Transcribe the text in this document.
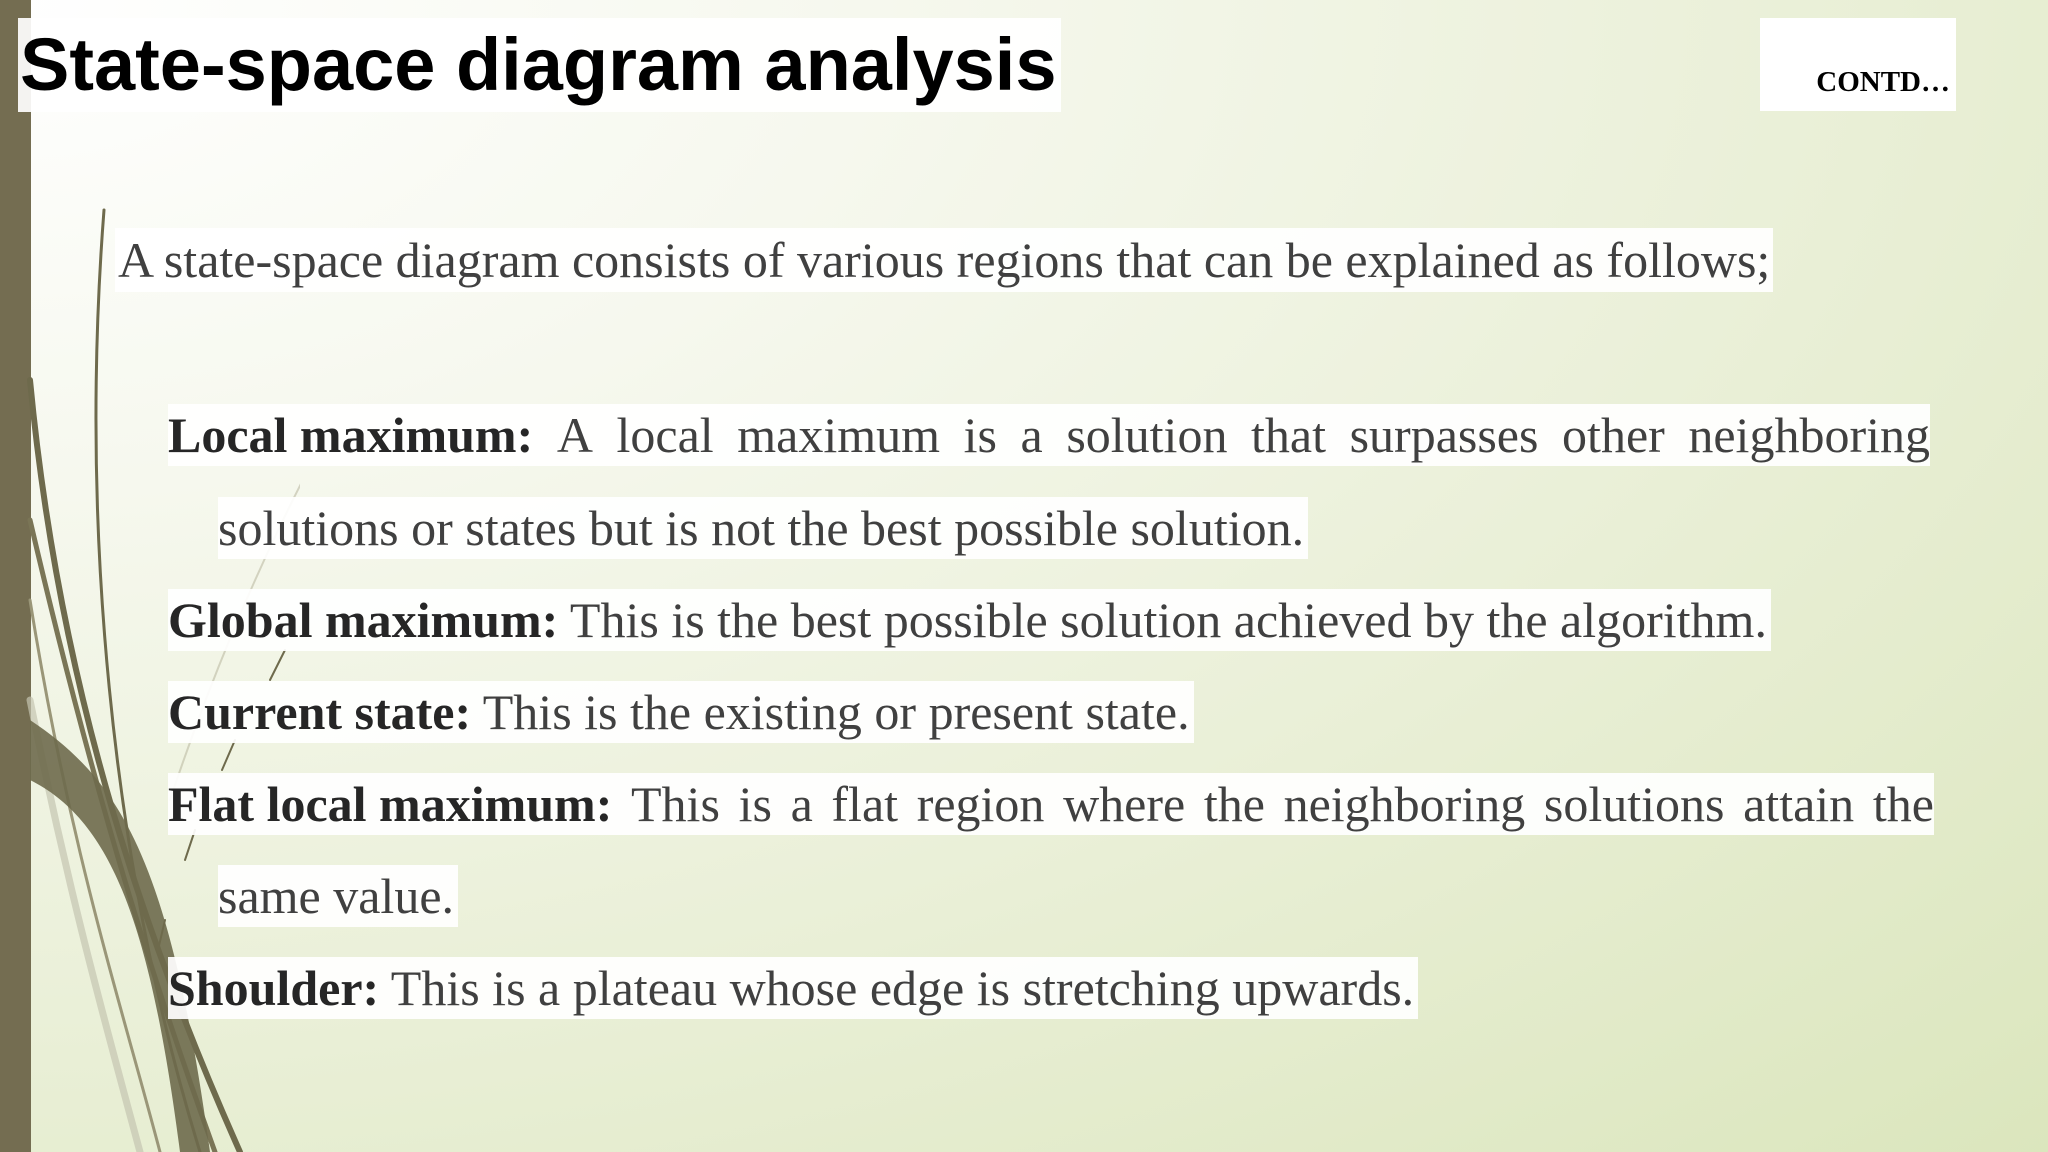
State-space diagram analysis	CONTD…
A state-space diagram consists of various regions that can be explained as follows;
Local maximum: A local maximum is a solution that surpasses other neighboring
solutions or states but is not the best possible solution.
Global maximum: This is the best possible solution achieved by the algorithm.
Current state: This is the existing or present state.
Flat local maximum: This is a flat region where the neighboring solutions attain the
same value.
Shoulder: This is a plateau whose edge is stretching upwards.
